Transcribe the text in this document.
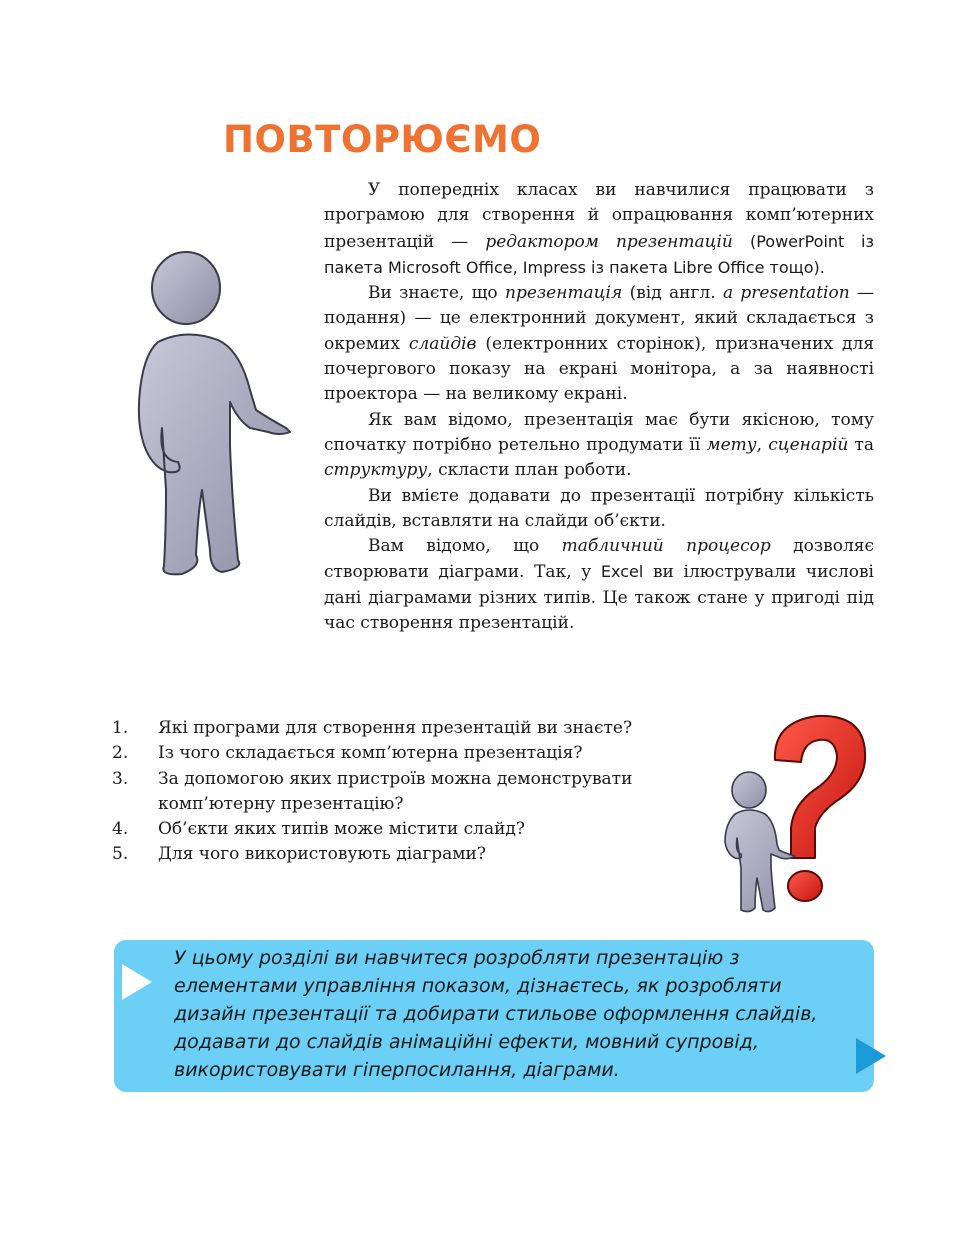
ПОВТОРЮЄМО

У попередніх класах ви навчилися працювати з програмою для створення й опрацювання комп’ютерних презентацій — редактором презентацій (PowerPoint із пакета Microsoft Office, Impress із пакета Libre Office тощо).

Ви знаєте, що презентація (від англ. a presentation — подання) — це електронний документ, який складається з окремих слайдів (електронних сторінок), призначених для почергового показу на екрані монітора, а за наявності проектора — на великому екрані.

Як вам відомо, презентація має бути якісною, тому спочатку потрібно ретельно продумати її мету, сценарій та структуру, скласти план роботи.

Ви вмієте додавати до презентації потрібну кількість слайдів, вставляти на слайди об’єкти.

Вам відомо, що табличний процесор дозволяє створювати діаграми. Так, у Excel ви ілюстрували числові дані діаграмами різних типів. Це також стане у пригоді під час створення презентацій.

1.	Які програми для створення презентацій ви знаєте?
2.	Із чого складається комп’ютерна презентація?
3.	За допомогою яких пристроїв можна демонструвати комп’ютерну презентацію?
4.	Об’єкти яких типів може містити слайд?
5.	Для чого використовують діаграми?

У цьому розділі ви навчитеся розробляти презентацію з елементами управління показом, дізнаєтесь, як розробляти дизайн презентації та добирати стильове оформлення слайдів, додавати до слайдів анімаційні ефекти, мовний супровід, використовувати гіперпосилання, діаграми.
